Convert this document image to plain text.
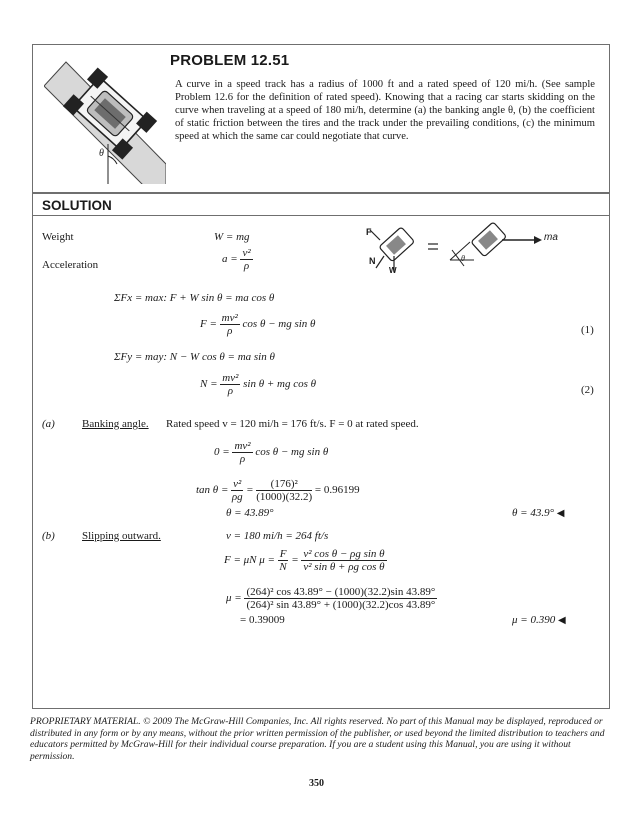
θ
PROBLEM 12.51
A curve in a speed track has a radius of 1000 ft and a rated speed of 120 mi/h. (See sample Problem 12.6 for the definition of rated speed). Knowing that a racing car starts skidding on the curve when traveling at a speed of 180 mi/h, determine (a) the banking angle θ, (b) the coefficient of static friction between the tires and the track under the prevailing conditions, (c) the minimum speed at which the same car could negotiate that curve.
SOLUTION
Weight	W = mg
Acceleration	$a = \frac{\text{v²}}{\rho}$
F
N
W
ma
θ
ΣFx = max: F + W sin θ = ma cos θ
$F = \frac{\text{mv²}}{\rho}$ cos θ − mg sin θ	(1)
ΣFy = may: N − W cos θ = ma sin θ
$N = \frac{\text{mv²}}{\rho}$ sin θ + mg cos θ	(2)
(a) Banking angle. Rated speed v = 120 mi/h = 176 ft/s. F = 0 at rated speed.
$0 = \frac{\text{mv²}}{\rho}$ cos θ − mg sin θ
$\tan \theta = \frac{\text{v²}}{\rho g} = \frac{\text{(176)²}}{(1000)(32.2)} = 0.96199$
θ = 43.89°	θ = 43.9° ◀
(b) Slipping outward.	v = 180 mi/h = 264 ft/s
F = μN $\mu = \frac{F}{N} = \frac{\text{v² cos θ − ρg sin θ}}{\text{v² sin θ + ρg cos θ}}$
$\mu = \frac{\text{(264)² cos 43.89° − (1000)(32.2)sin 43.89°}}{\text{(264)² sin 43.89° + (1000)(32.2)cos 43.89°}}$
= 0.39009	μ = 0.390 ◀
PROPRIETARY MATERIAL. © 2009 The McGraw-Hill Companies, Inc. All rights reserved. No part of this Manual may be displayed, reproduced or distributed in any form or by any means, without the prior written permission of the publisher, or used beyond the limited distribution to teachers and educators permitted by McGraw-Hill for their individual course preparation. If you are a student using this Manual, you are using it without permission.
350
